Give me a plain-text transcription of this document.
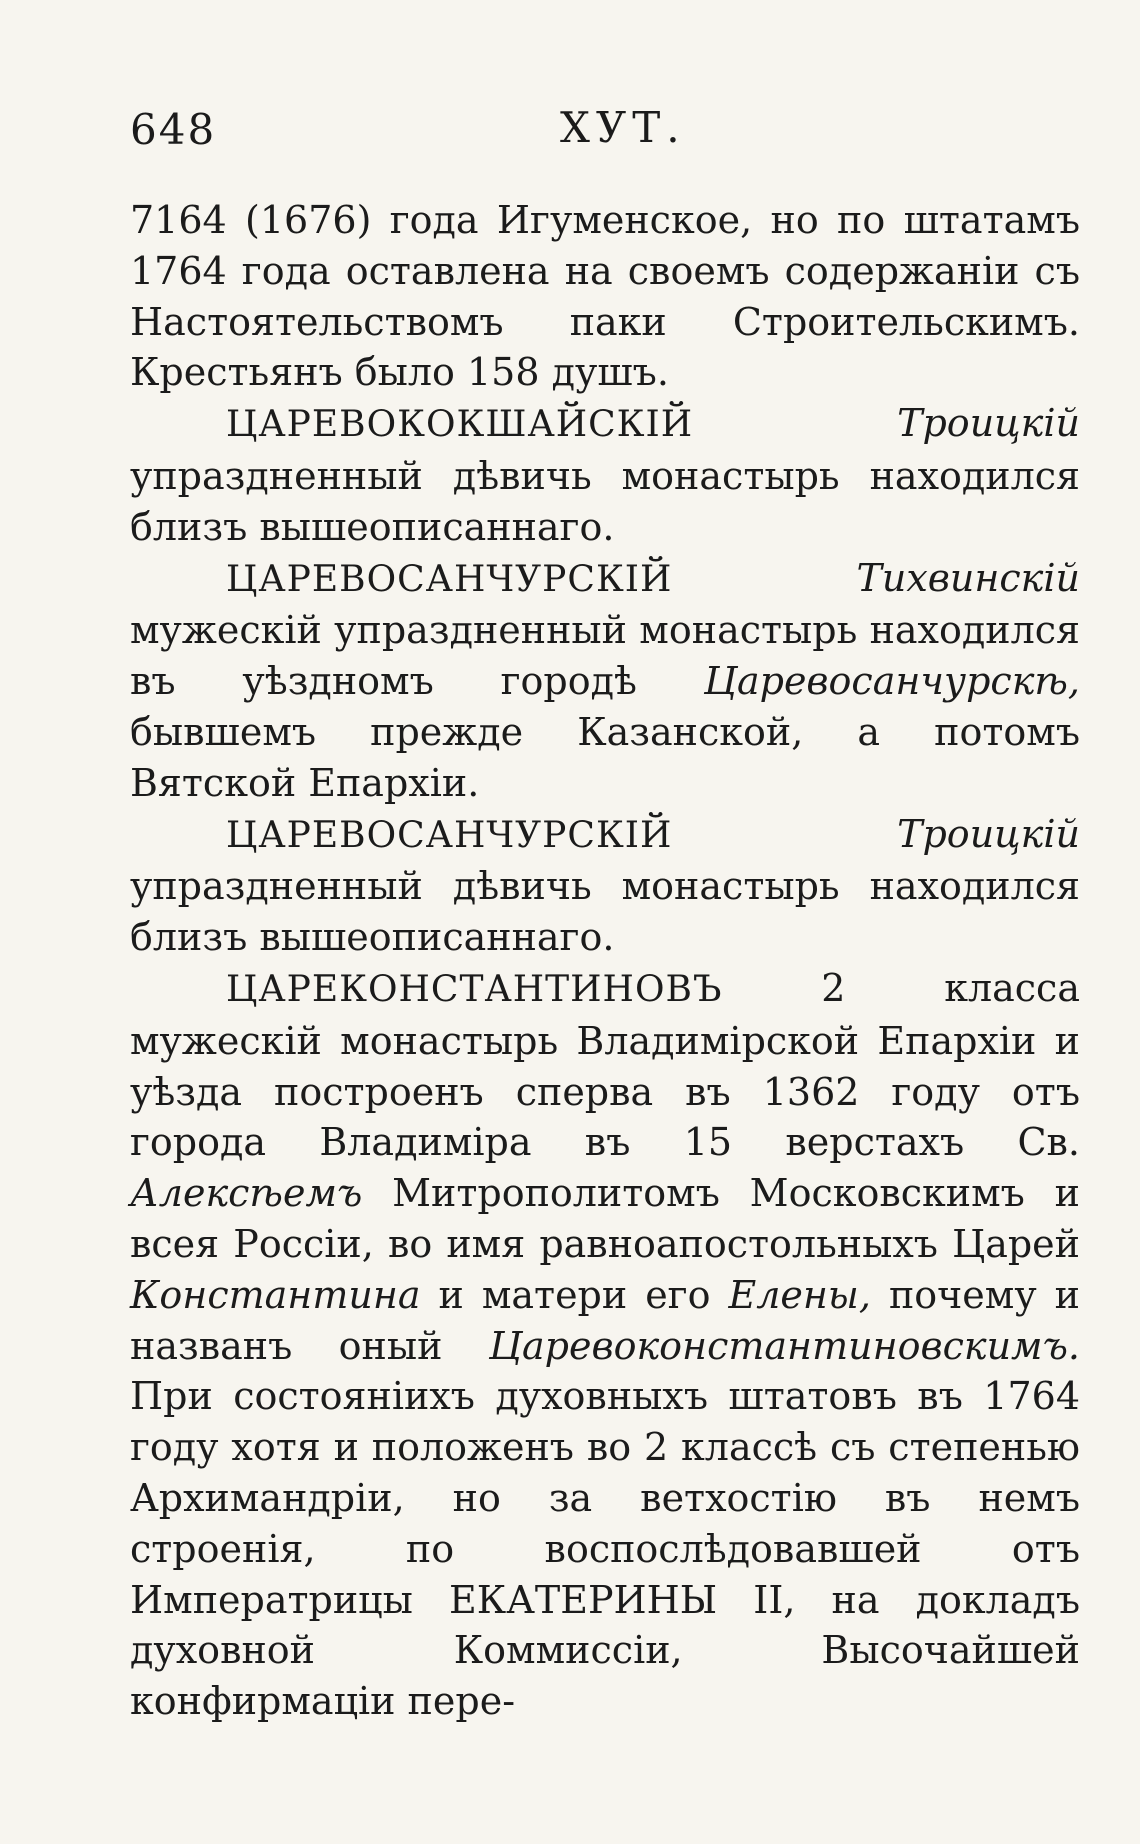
648	ХУТ.

7164 (1676) года Игуменское, но по штатамъ 1764 года оставлена на своемъ содержанiи съ Настоятельствомъ паки Строительскимъ. Крестьянъ было 158 душъ.

ЦАРЕВОКОКШАЙСКIЙ	Троицкiй упраздненный дѣвичь монастырь находился близъ вышеописаннаго.

ЦАРЕВОСАНЧУРСКIЙ	Тихвинскiй мужескiй упраздненный монастырь находился въ уѣздномъ городѣ Царевосанчурскѣ, бывшемъ прежде Казанской, а потомъ Вятской Епархiи.

ЦАРЕВОСАНЧУРСКIЙ	Троицкiй упраздненный дѣвичь монастырь находился близъ вышеописаннаго.

ЦАРЕКОНСТАНТИНОВЪ	2 класса мужескiй монастырь Владимiрской Епархiи и уѣзда построенъ сперва въ 1362 году отъ города Владимiра въ 15 верстахъ Св. Алексѣемъ Митрополитомъ Московскимъ и всея Россiи, во имя равноапостольныхъ Царей Константина и матери его Елены, почему и названъ оный Царевоконстантиновскимъ. При состоянiихъ духовныхъ штатовъ въ 1764 году хотя и положенъ во 2 классѣ съ степенью Архимандрiи, но за ветхостiю въ немъ строенiя, по воспослѣдовавшей отъ Императрицы ЕКАТЕРИНЫ II, на докладъ духовной Коммиссiи, Высочайшей конфирмацiи пере-
